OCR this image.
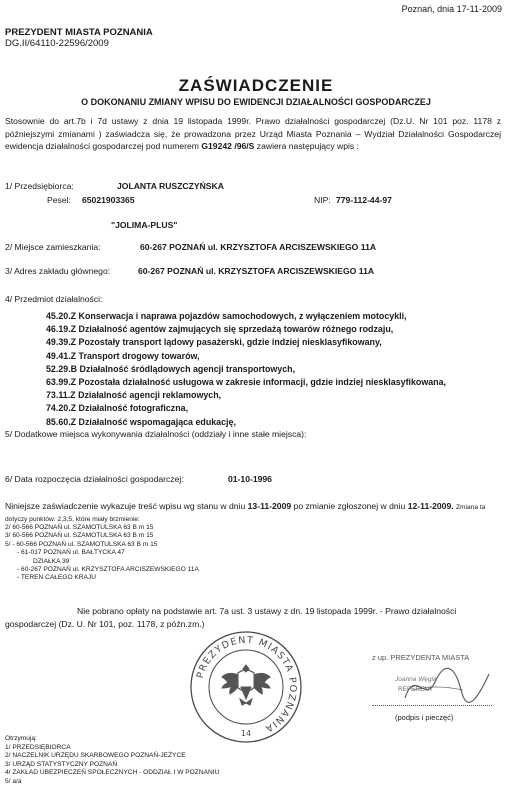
Poznań, dnia 17-11-2009
PREZYDENT MIASTA POZNANIA
DG.II/64110-22596/2009
ZAŚWIADCZENIE
O DOKONANIU ZMIANY WPISU DO EWIDENCJI DZIAŁALNOŚCI GOSPODARCZEJ
Stosownie do art.7b i 7d ustawy z dnia 19 listopada 1999r. Prawo działalności gospodarczej (Dz.U. Nr 101 poz. 1178 z późniejszymi zmianami ) zaświadcza się, że prowadzona przez Urząd Miasta Poznania – Wydział Działalności Gospodarczej ewidencja działalności gospodarczej pod numerem G19242 /96/S zawiera następujący wpis :
1/ Przedsiębiorca:	JOLANTA RUSZCZYŃSKA
Pesel: 65021903365	NIP: 779-112-44-97
"JOLIMA-PLUS"
2/ Miejsce zamieszkania:	60-267 POZNAŃ ul. KRZYSZTOFA ARCISZEWSKIEGO 11A
3/ Adres zakładu głównego:	60-267 POZNAŃ ul. KRZYSZTOFA ARCISZEWSKIEGO 11A
4/ Przedmiot działalności:
45.20.Z Konserwacja i naprawa pojazdów samochodowych, z wyłączeniem motocykli,
46.19.Z Działalność agentów zajmujących się sprzedażą towarów różnego rodzaju,
49.39.Z Pozostały transport lądowy pasażerski, gdzie indziej niesklasyfikowany,
49.41.Z Transport drogowy towarów,
52.29.B Działalność śródlądowych agencji transportowych,
63.99.Z Pozostała działalność usługowa w zakresie informacji, gdzie indziej niesklasyfikowana,
73.11.Z Działalność agencji reklamowych,
74.20.Z Działalność fotograficzna,
85.60.Z Działalność wspomagająca edukację,
5/ Dodatkowe miejsca wykonywania działalności (oddziały i inne stałe miejsca):
6/ Data rozpoczęcia działalności gospodarczej:	01-10-1996
Niniejsze zaświadczenie wykazuje treść wpisu wg stanu w dniu 13-11-2009 po zmianie zgłoszonej w dniu 12-11-2009. Zmiana ta dotyczy punktów: 2,3,5, które miały brzmienie:
2/ 60-566 POZNAŃ ul. SZAMOTULSKA 63 B m 15
3/ 60-566 POZNAŃ ul. SZAMOTULSKA 63 B m 15
5/ - 60-566 POZNAŃ ul. SZAMOTULSKA 63 B m 15
- 61-017 POZNAŃ ul. BAŁTYCKA 47
DZIAŁKA 39
- 60-267 POZNAŃ ul. KRZYSZTOFA ARCISZEWSKIEGO 11A
- TEREN CAŁEGO KRAJU
Nie pobrano opłaty na podstawie art. 7a ust. 3 ustawy z dn. 19 listopada 1999r. - Prawo działalności gospodarczej (Dz. U. Nr 101, poz. 1178, z późn.zm.)
PREZYDENT MIASTA POZNANIA
14
z up. PREZYDENTA MIASTA
Joanna Węgla
REFERENT
(podpis i pieczęć)
Otrzymują:
1/ PRZEDSIĘBIORCA
2/ NACZELNIK URZĘDU SKARBOWEGO POZNAŃ-JEŻYCE
3/ URZĄD STATYSTYCZNY POZNAŃ
4/ ZAKŁAD UBEZPIECZEŃ SPOŁECZNYCH - ODDZIAŁ I W POZNANIU
5/ a/a
